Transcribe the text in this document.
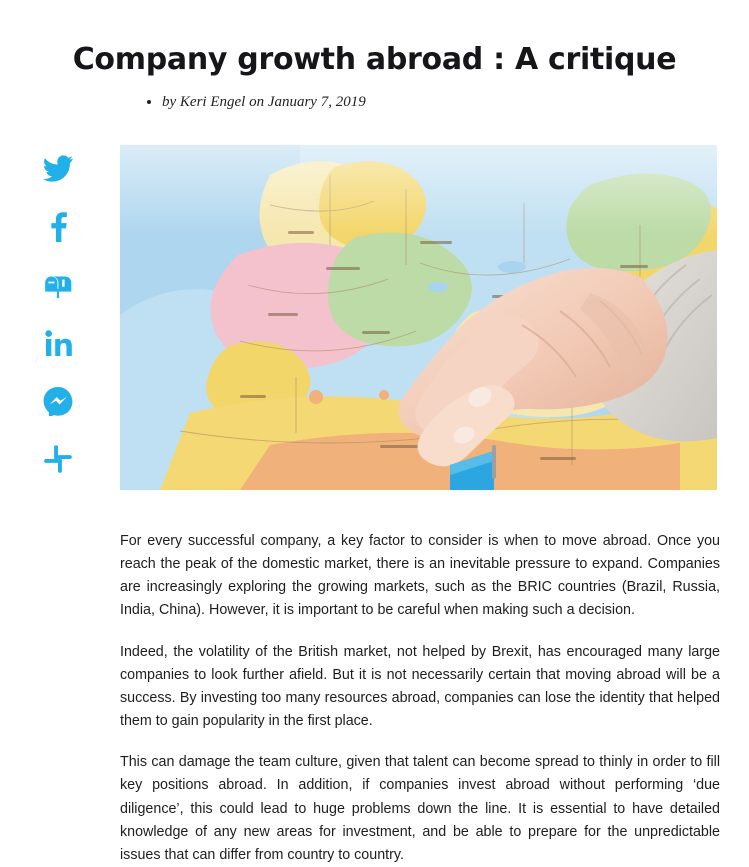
Company growth abroad : A critique
• by Keri Engel on January 7, 2019

For every successful company, a key factor to consider is when to move abroad. Once you reach the peak of the domestic market, there is an inevitable pressure to expand. Companies are increasingly exploring the growing markets, such as the BRIC countries (Brazil, Russia, India, China). However, it is important to be careful when making such a decision.

Indeed, the volatility of the British market, not helped by Brexit, has encouraged many large companies to look further afield. But it is not necessarily certain that moving abroad will be a success. By investing too many resources abroad, companies can lose the identity that helped them to gain popularity in the first place.

This can damage the team culture, given that talent can become spread to thinly in order to fill key positions abroad. In addition, if companies invest abroad without performing ‘due diligence’, this could lead to huge problems down the line. It is essential to have detailed knowledge of any new areas for investment, and be able to prepare for the unpredictable issues that can differ from country to country.
